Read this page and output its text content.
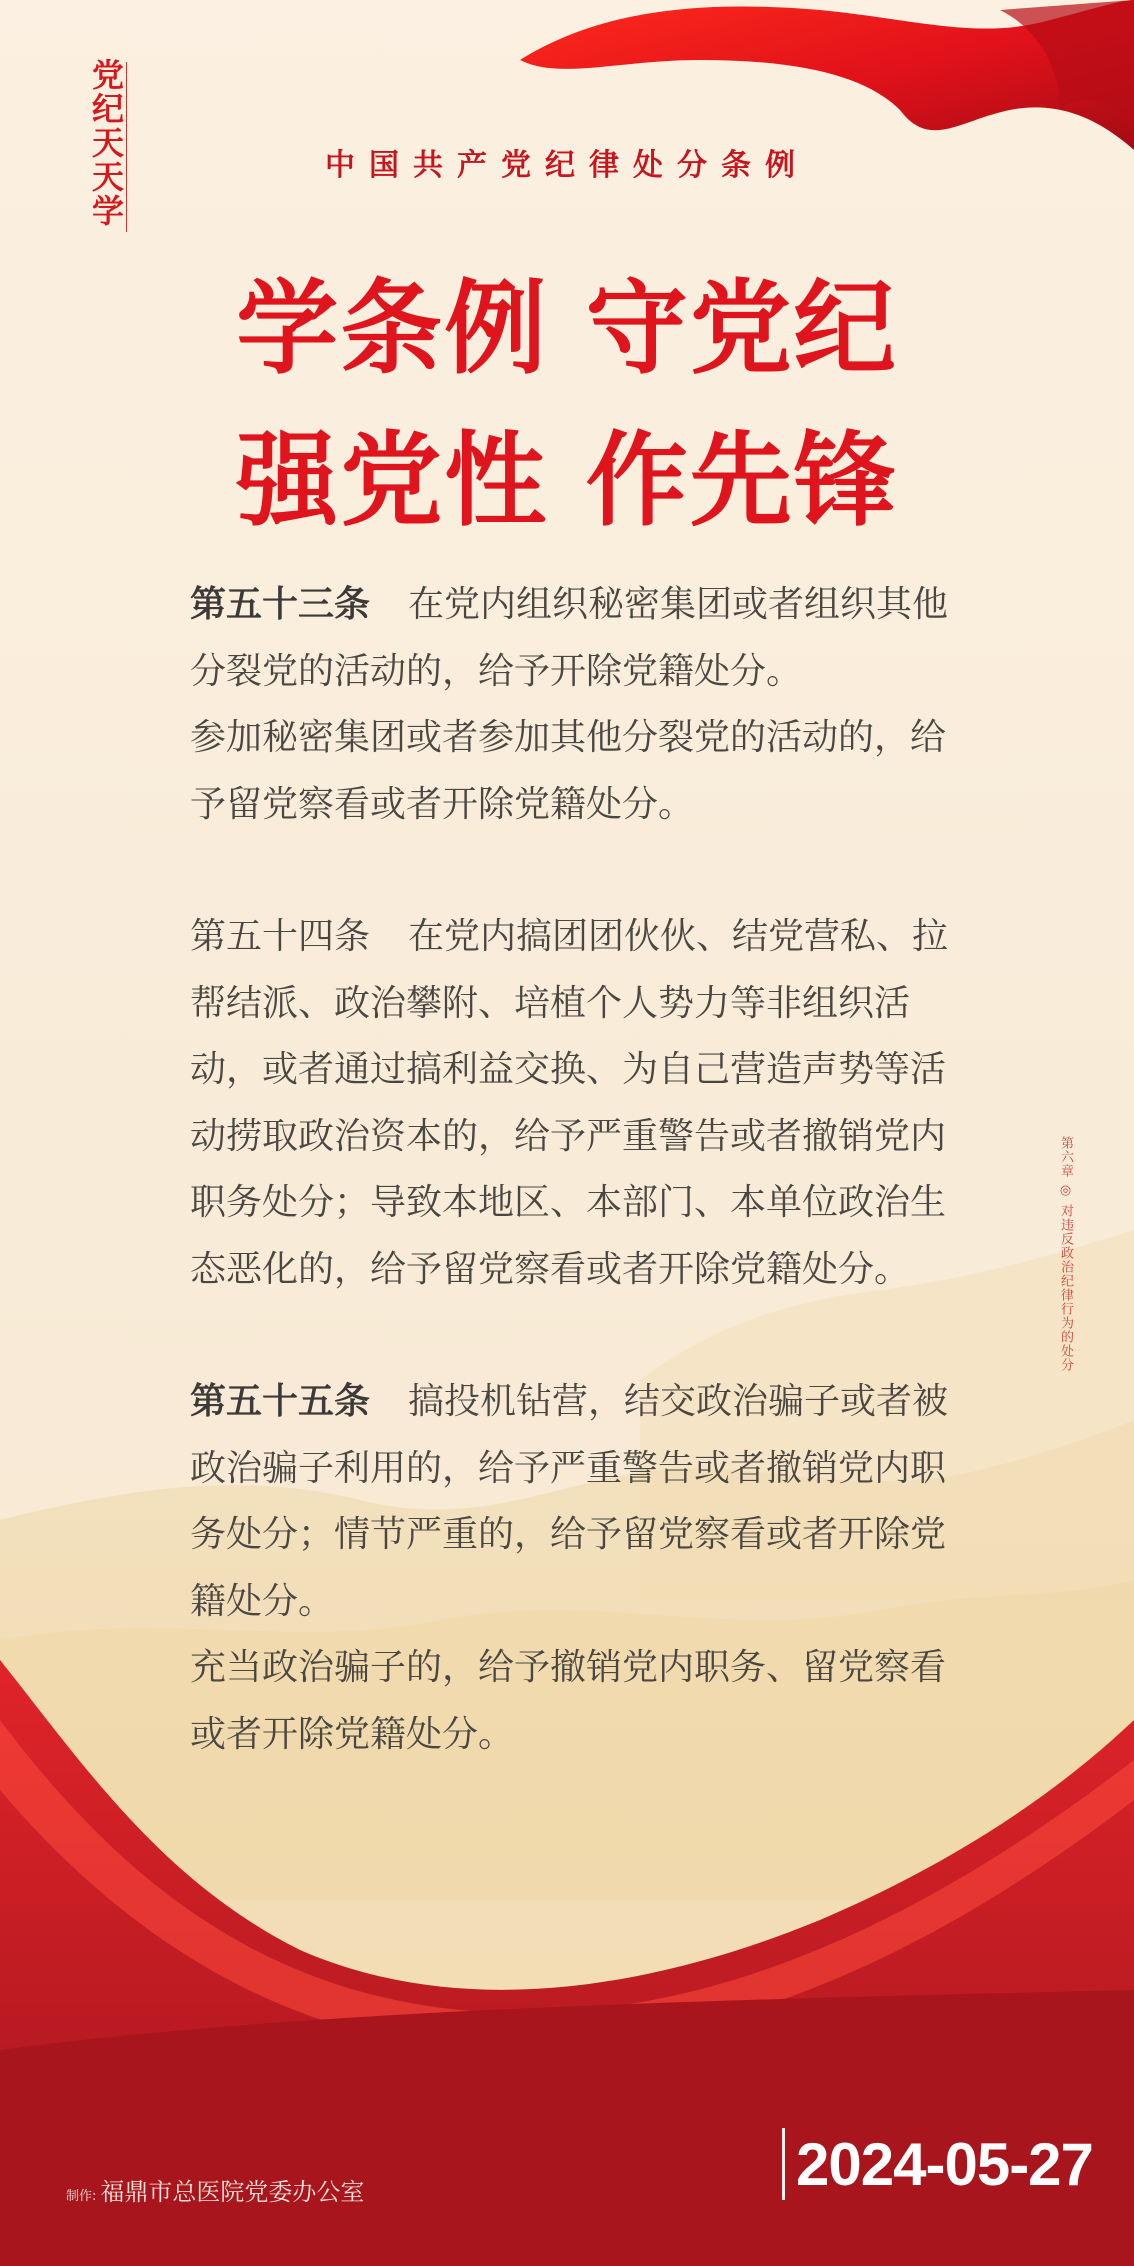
党纪天天学	中国共产党纪律处分条例
学条例 守党纪
强党性 作先锋

第五十三条 在党内组织秘密集团或者组织其他分裂党的活动的，给予开除党籍处分。

参加秘密集团或者参加其他分裂党的活动的，给予留党察看或者开除党籍处分。

第五十四条 在党内搞团团伙伙、结党营私、拉帮结派、政治攀附、培植个人势力等非组织活动，或者通过搞利益交换、为自己营造声势等活动捞取政治资本的，给予严重警告或者撤销党内职务处分；导致本地区、本部门、本单位政治生态恶化的，给予留党察看或者开除党籍处分。

第五十五条 搞投机钻营，结交政治骗子或者被政治骗子利用的，给予严重警告或者撤销党内职务处分；情节严重的，给予留党察看或者开除党籍处分。

充当政治骗子的，给予撤销党内职务、留党察看或者开除党籍处分。

第六章 ◎ 对违反政治纪律行为的处分
制作: 福鼎市总医院党委办公室	2024-05-27
